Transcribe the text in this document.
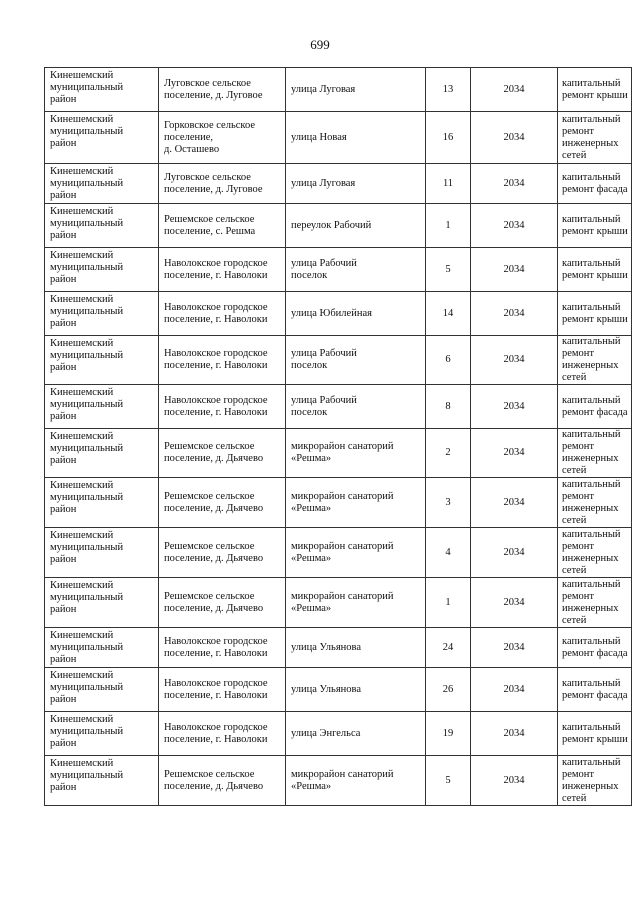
699
Кинешемский
муниципальный
район	Луговское сельское
поселение, д. Луговое	улица Луговая	13	2034	капитальный
ремонт крыши

Кинешемский
муниципальный
район	Горковское сельское
поселение,
д. Осташево	улица Новая	16	2034	капитальный
ремонт
инженерных
сетей

Кинешемский
муниципальный
район	Луговское сельское
поселение, д. Луговое	улица Луговая	11	2034	капитальный
ремонт фасада

Кинешемский
муниципальный
район	Решемское сельское
поселение, с. Решма	переулок Рабочий	1	2034	капитальный
ремонт крыши

Кинешемский
муниципальный
район	Наволокское городское
поселение, г. Наволоки	улица Рабочий
поселок	5	2034	капитальный
ремонт крыши

Кинешемский
муниципальный
район	Наволокское городское
поселение, г. Наволоки	улица Юбилейная	14	2034	капитальный
ремонт крыши

Кинешемский
муниципальный
район	Наволокское городское
поселение, г. Наволоки	улица Рабочий
поселок	6	2034	капитальный
ремонт
инженерных
сетей

Кинешемский
муниципальный
район	Наволокское городское
поселение, г. Наволоки	улица Рабочий
поселок	8	2034	капитальный
ремонт фасада

Кинешемский
муниципальный
район	Решемское сельское
поселение, д. Дьячево	микрорайон санаторий
«Решма»	2	2034	капитальный
ремонт
инженерных
сетей

Кинешемский
муниципальный
район	Решемское сельское
поселение, д. Дьячево	микрорайон санаторий
«Решма»	3	2034	капитальный
ремонт
инженерных
сетей

Кинешемский
муниципальный
район	Решемское сельское
поселение, д. Дьячево	микрорайон санаторий
«Решма»	4	2034	капитальный
ремонт
инженерных
сетей

Кинешемский
муниципальный
район	Решемское сельское
поселение, д. Дьячево	микрорайон санаторий
«Решма»	1	2034	капитальный
ремонт
инженерных
сетей

Кинешемский
муниципальный
район	Наволокское городское
поселение, г. Наволоки	улица Ульянова	24	2034	капитальный
ремонт фасада

Кинешемский
муниципальный
район	Наволокское городское
поселение, г. Наволоки	улица Ульянова	26	2034	капитальный
ремонт фасада

Кинешемский
муниципальный
район	Наволокское городское
поселение, г. Наволоки	улица Энгельса	19	2034	капитальный
ремонт крыши

Кинешемский
муниципальный
район	Решемское сельское
поселение, д. Дьячево	микрорайон санаторий
«Решма»	5	2034	капитальный
ремонт
инженерных
сетей
